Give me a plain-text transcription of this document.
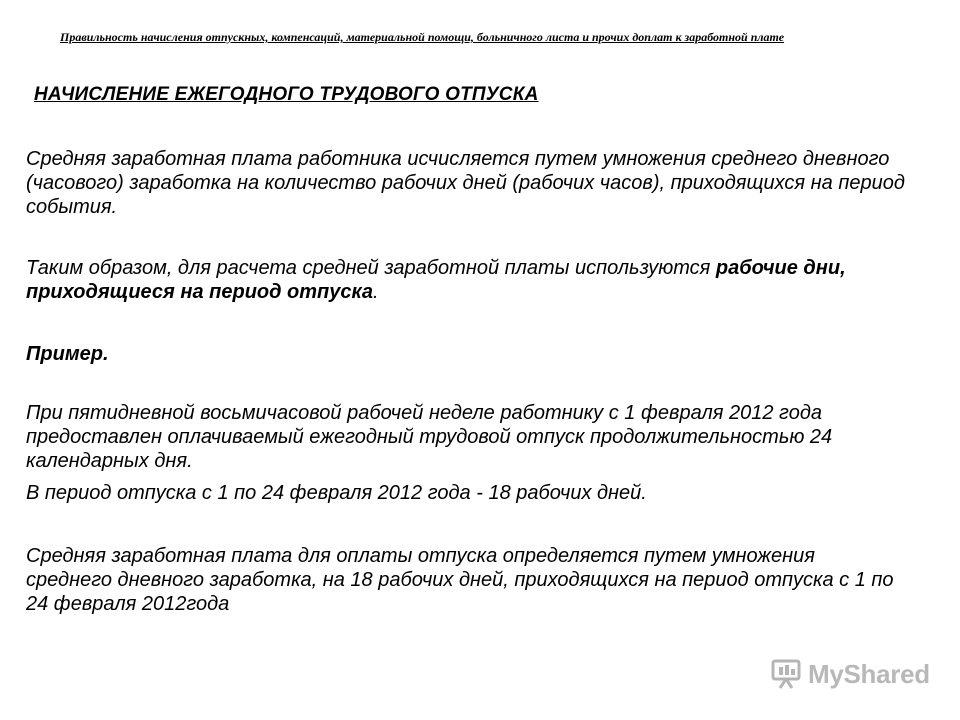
Правильность начисления отпускных, компенсаций, материальной помощи, больничного листа и прочих доплат к заработной плате
НАЧИСЛЕНИЕ ЕЖЕГОДНОГО ТРУДОВОГО ОТПУСКА
Средняя заработная плата работника исчисляется путем умножения среднего дневного (часового) заработка на количество рабочих дней (рабочих часов), приходящихся на период события.
Таким образом, для расчета средней заработной платы используются рабочие дни, приходящиеся на период отпуска.
Пример.
При пятидневной восьмичасовой рабочей неделе работнику с 1 февраля 2012 года предоставлен оплачиваемый ежегодный трудовой отпуск продолжительностью 24 календарных дня.
В период отпуска с 1 по 24 февраля 2012 года - 18 рабочих дней.
Средняя заработная плата для оплаты отпуска определяется путем умножения среднего дневного заработка, на 18 рабочих дней, приходящихся на период отпуска с 1 по 24 февраля 2012года
MyShared
